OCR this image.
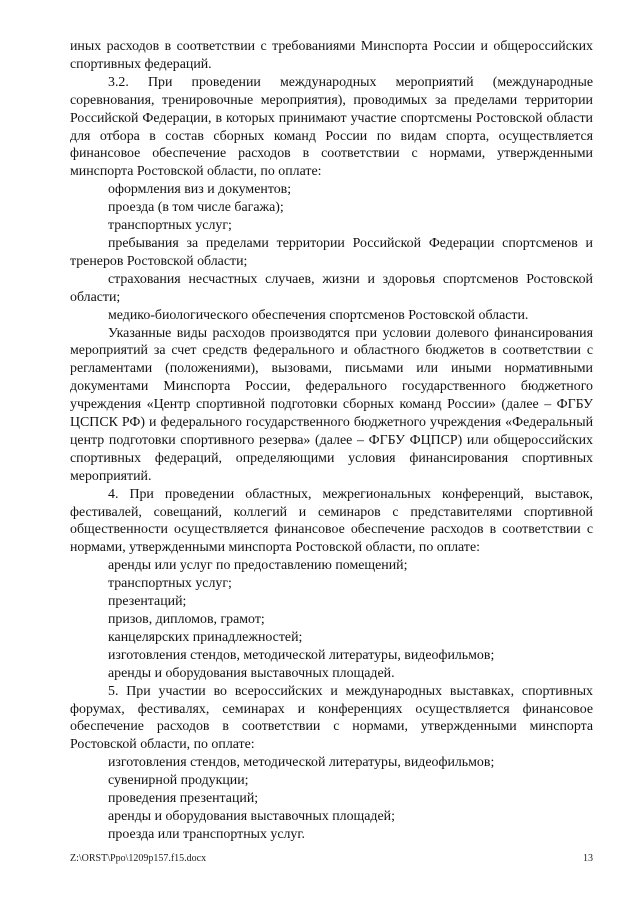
иных расходов в соответствии с требованиями Минспорта России и общероссийских спортивных федераций.

3.2. При проведении международных мероприятий (международные соревнования, тренировочные мероприятия), проводимых за пределами территории Российской Федерации, в которых принимают участие спортсмены Ростовской области для отбора в состав сборных команд России по видам спорта, осуществляется финансовое обеспечение расходов в соответствии с нормами, утвержденными минспорта Ростовской области, по оплате:

оформления виз и документов;

проезда (в том числе багажа);

транспортных услуг;

пребывания за пределами территории Российской Федерации спортсменов и тренеров Ростовской области;

страхования несчастных случаев, жизни и здоровья спортсменов Ростовской области;

медико-биологического обеспечения спортсменов Ростовской области.

Указанные виды расходов производятся при условии долевого финансирования мероприятий за счет средств федерального и областного бюджетов в соответствии с регламентами (положениями), вызовами, письмами или иными нормативными документами Минспорта России, федерального государственного бюджетного учреждения «Центр спортивной подготовки сборных команд России» (далее – ФГБУ ЦСПСК РФ) и федерального государственного бюджетного учреждения «Федеральный центр подготовки спортивного резерва» (далее – ФГБУ ФЦПСР) или общероссийских спортивных федераций, определяющими условия финансирования спортивных мероприятий.

4. При проведении областных, межрегиональных конференций, выставок, фестивалей, совещаний, коллегий и семинаров с представителями спортивной общественности осуществляется финансовое обеспечение расходов в соответствии с нормами, утвержденными минспорта Ростовской области, по оплате:

аренды или услуг по предоставлению помещений;

транспортных услуг;

презентаций;

призов, дипломов, грамот;

канцелярских принадлежностей;

изготовления стендов, методической литературы, видеофильмов;

аренды и оборудования выставочных площадей.

5. При участии во всероссийских и международных выставках, спортивных форумах, фестивалях, семинарах и конференциях осуществляется финансовое обеспечение расходов в соответствии с нормами, утвержденными минспорта Ростовской области, по оплате:

изготовления стендов, методической литературы, видеофильмов;

сувенирной продукции;

проведения презентаций;

аренды и оборудования выставочных площадей;

проезда или транспортных услуг.

Z:\ORST\Ppo\1209p157.f15.docx	13
